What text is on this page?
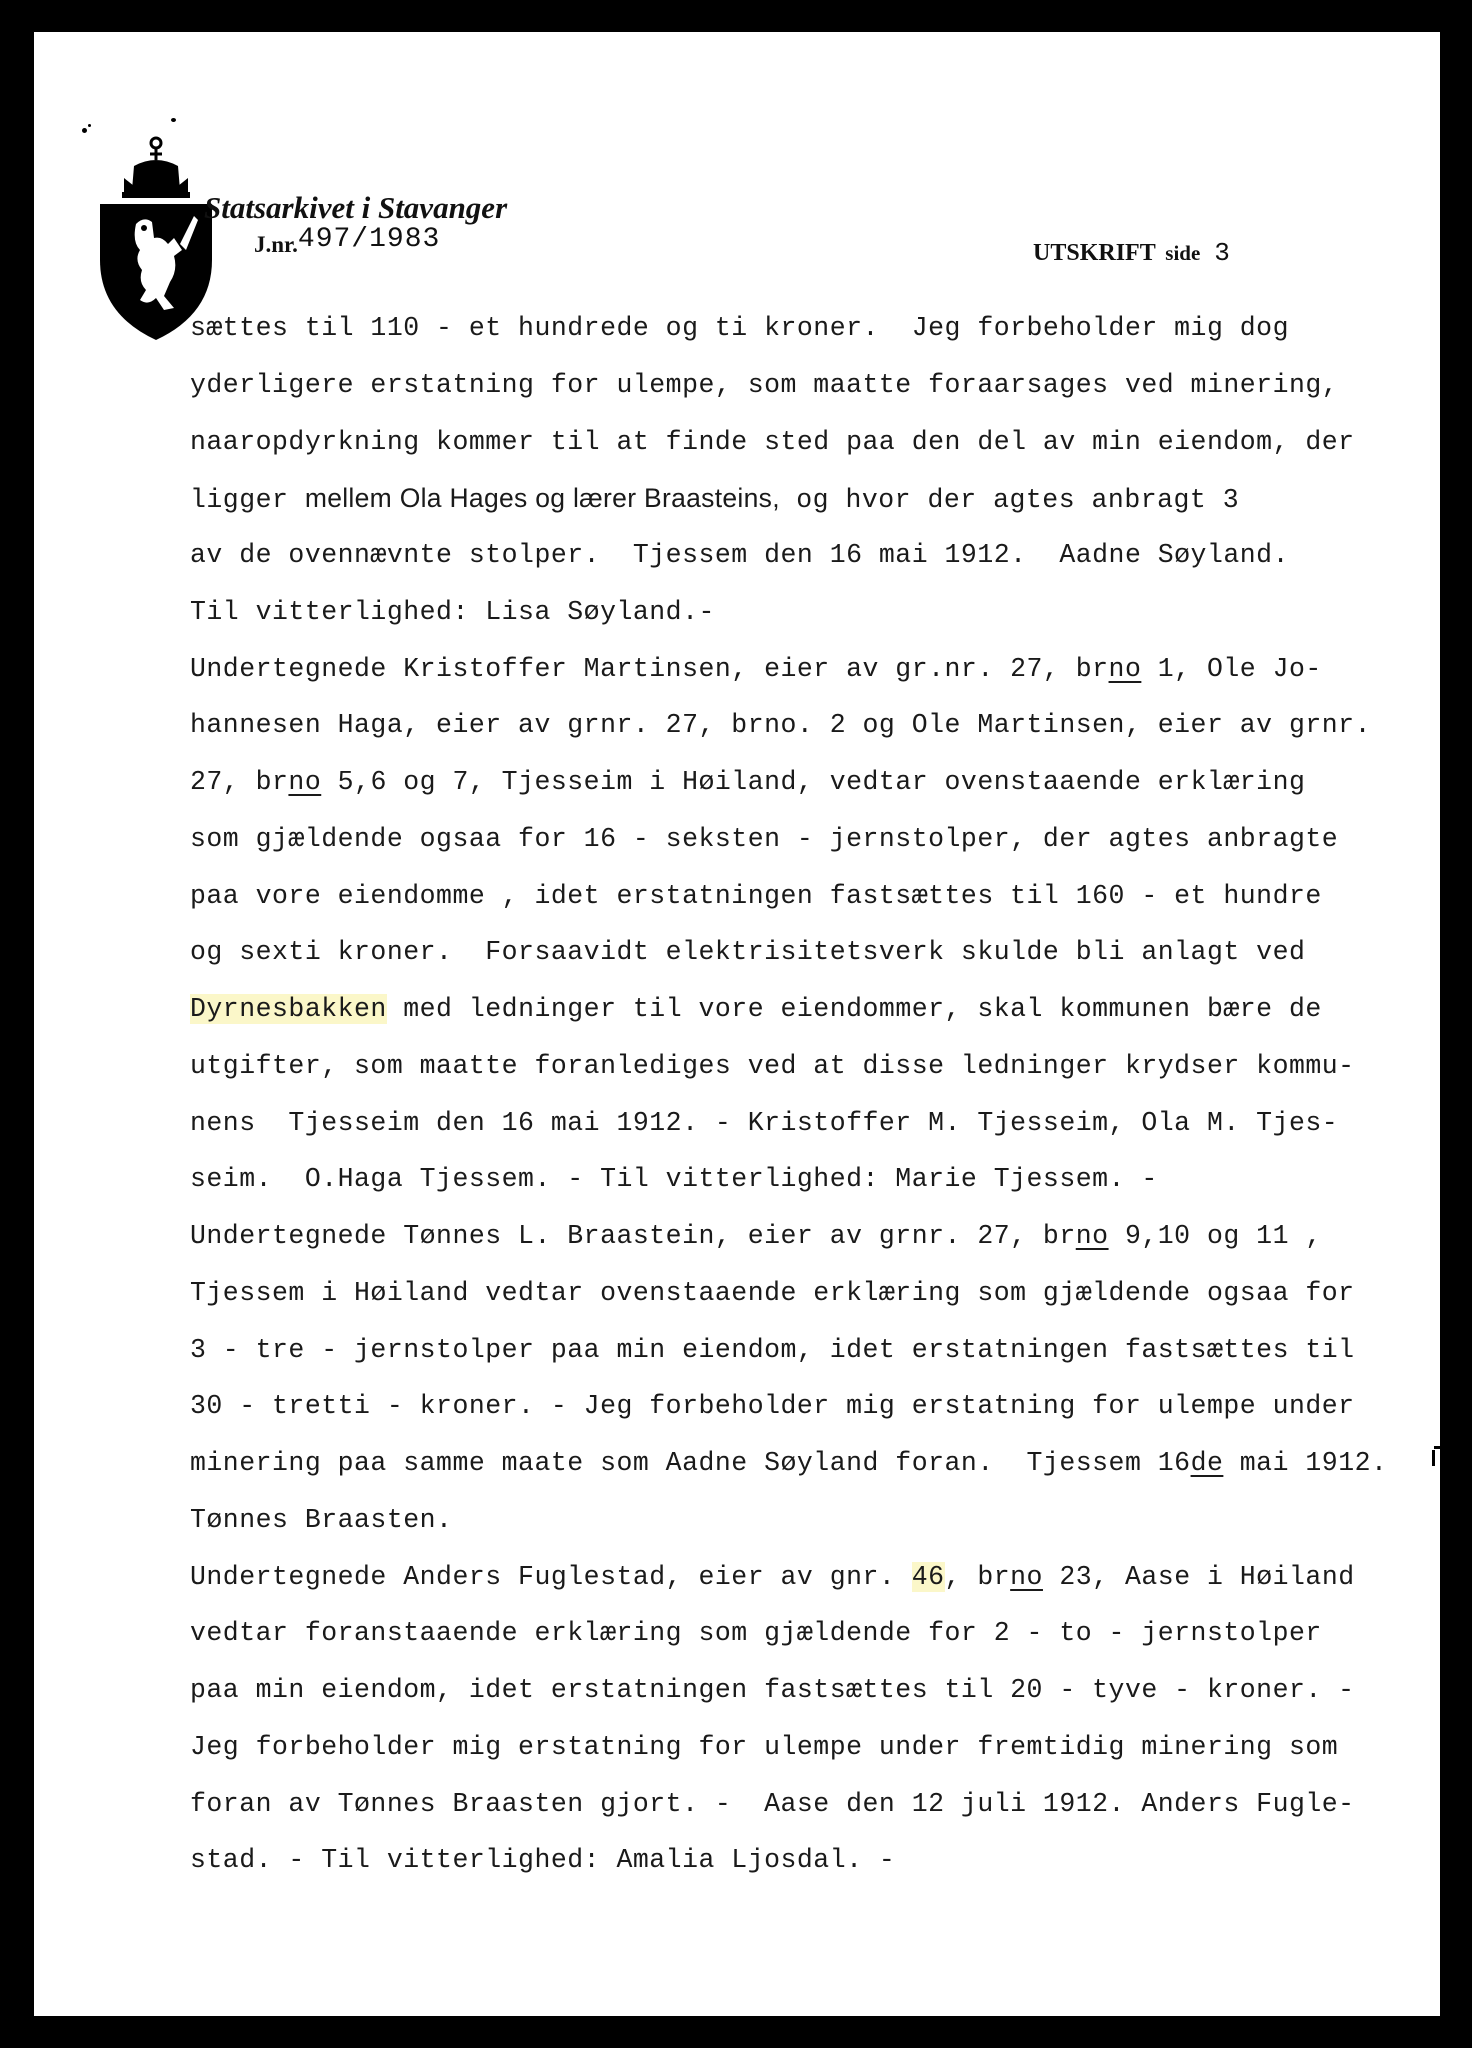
Statsarkivet i Stavanger
J.nr.497/1983	UTSKRIFT side 3
sættes til 110 - et hundrede og ti kroner.  Jeg forbeholder mig dog
yderligere erstatning for ulempe, som maatte foraarsages ved minering,
naaropdyrkning kommer til at finde sted paa den del av min eiendom, der
ligger mellem Ola Hages og lærer Braasteins, og hvor der agtes anbragt 3
av de ovennævnte stolper.  Tjessem den 16 mai 1912.  Aadne Søyland.
Til vitterlighed: Lisa Søyland.-
Undertegnede Kristoffer Martinsen, eier av gr.nr. 27, brno 1, Ole Jo-
hannesen Haga, eier av grnr. 27, brno. 2 og Ole Martinsen, eier av grnr.
27, brno 5,6 og 7, Tjesseim i Høiland, vedtar ovenstaaende erklæring
som gjældende ogsaa for 16 - seksten - jernstolper, der agtes anbragte
paa vore eiendomme , idet erstatningen fastsættes til 160 - et hundre
og sexti kroner.  Forsaavidt elektrisitetsverk skulde bli anlagt ved
Dyrnesbakken med ledninger til vore eiendommer, skal kommunen bære de
utgifter, som maatte foranlediges ved at disse ledninger krydser kommu-
nens  Tjesseim den 16 mai 1912. - Kristoffer M. Tjesseim, Ola M. Tjes-
seim.  O.Haga Tjessem. - Til vitterlighed: Marie Tjessem. -
Undertegnede Tønnes L. Braastein, eier av grnr. 27, brno 9,10 og 11 ,
Tjessem i Høiland vedtar ovenstaaende erklæring som gjældende ogsaa for
3 - tre - jernstolper paa min eiendom, idet erstatningen fastsættes til
30 - tretti - kroner. - Jeg forbeholder mig erstatning for ulempe under
minering paa samme maate som Aadne Søyland foran.  Tjessem 16de mai 1912.
Tønnes Braasten.
Undertegnede Anders Fuglestad, eier av gnr. 46, brno 23, Aase i Høiland
vedtar foranstaaende erklæring som gjældende for 2 - to - jernstolper
paa min eiendom, idet erstatningen fastsættes til 20 - tyve - kroner. -
Jeg forbeholder mig erstatning for ulempe under fremtidig minering som
foran av Tønnes Braasten gjort. -  Aase den 12 juli 1912. Anders Fugle-
stad. - Til vitterlighed: Amalia Ljosdal. -
